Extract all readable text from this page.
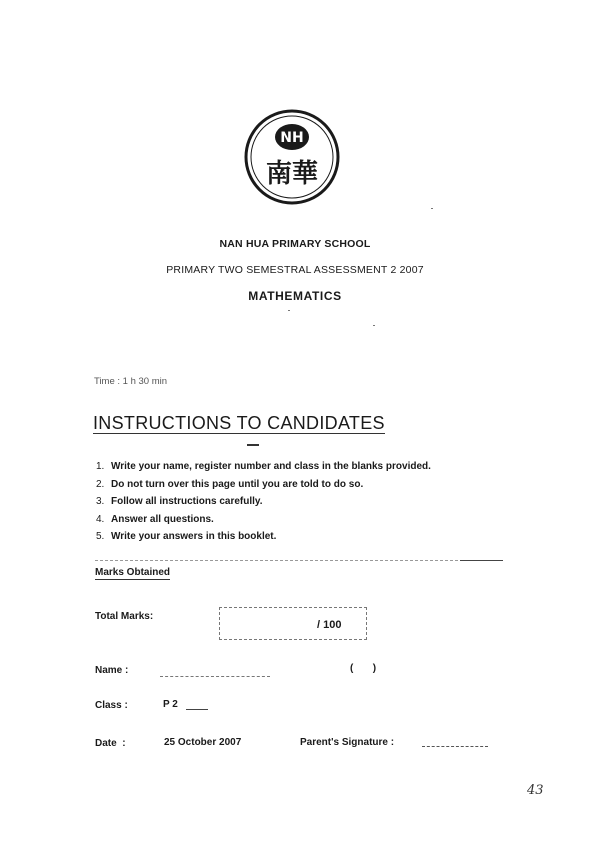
NH
南華
NAN HUA PRIMARY SCHOOL
PRIMARY TWO SEMESTRAL ASSESSMENT 2 2007
MATHEMATICS
Time : 1 h 30 min
INSTRUCTIONS TO CANDIDATES
1. Write your name, register number and class in the blanks provided.
2. Do not turn over this page until you are told to do so.
3. Follow all instructions carefully.
4. Answer all questions.
5. Write your answers in this booklet.
Marks Obtained
Total Marks:
/ 100
Name :	(       )
Class :	P 2
Date  :	25 October 2007	Parent's Signature :
43
